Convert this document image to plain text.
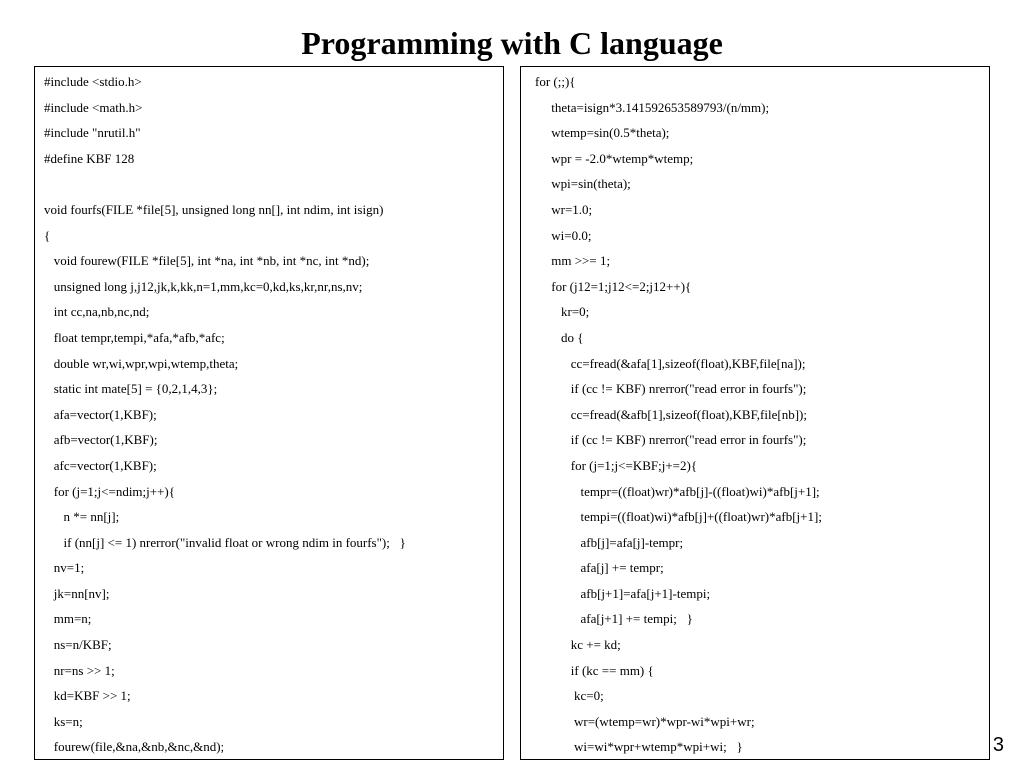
Programming with C language
#include <stdio.h>
#include <math.h>
#include "nrutil.h"
#define KBF 128
void fourfs(FILE *file[5], unsigned long nn[], int ndim, int isign)
{
void fourew(FILE *file[5], int *na, int *nb, int *nc, int *nd);
unsigned long j,j12,jk,k,kk,n=1,mm,kc=0,kd,ks,kr,nr,ns,nv;
int cc,na,nb,nc,nd;
float tempr,tempi,*afa,*afb,*afc;
double wr,wi,wpr,wpi,wtemp,theta;
static int mate[5] = {0,2,1,4,3};
afa=vector(1,KBF);
afb=vector(1,KBF);
afc=vector(1,KBF);
for (j=1;j<=ndim;j++){
n *= nn[j];
if (nn[j] <= 1) nrerror("invalid float or wrong ndim in fourfs");   }
nv=1;
jk=nn[nv];
mm=n;
ns=n/KBF;
nr=ns >> 1;
kd=KBF >> 1;
ks=n;
fourew(file,&na,&nb,&nc,&nd);
for (;;){
theta=isign*3.141592653589793/(n/mm);
wtemp=sin(0.5*theta);
wpr = -2.0*wtemp*wtemp;
wpi=sin(theta);
wr=1.0;
wi=0.0;
mm >>= 1;
for (j12=1;j12<=2;j12++){
kr=0;
do {
cc=fread(&afa[1],sizeof(float),KBF,file[na]);
if (cc != KBF) nrerror("read error in fourfs");
cc=fread(&afb[1],sizeof(float),KBF,file[nb]);
if (cc != KBF) nrerror("read error in fourfs");
for (j=1;j<=KBF;j+=2){
tempr=((float)wr)*afb[j]-((float)wi)*afb[j+1];
tempi=((float)wi)*afb[j]+((float)wr)*afb[j+1];
afb[j]=afa[j]-tempr;
afa[j] += tempr;
afb[j+1]=afa[j+1]-tempi;
afa[j+1] += tempi;   }
kc += kd;
if (kc == mm) {
kc=0;
wr=(wtemp=wr)*wpr-wi*wpi+wr;
wi=wi*wpr+wtemp*wpi+wi;   }	3
